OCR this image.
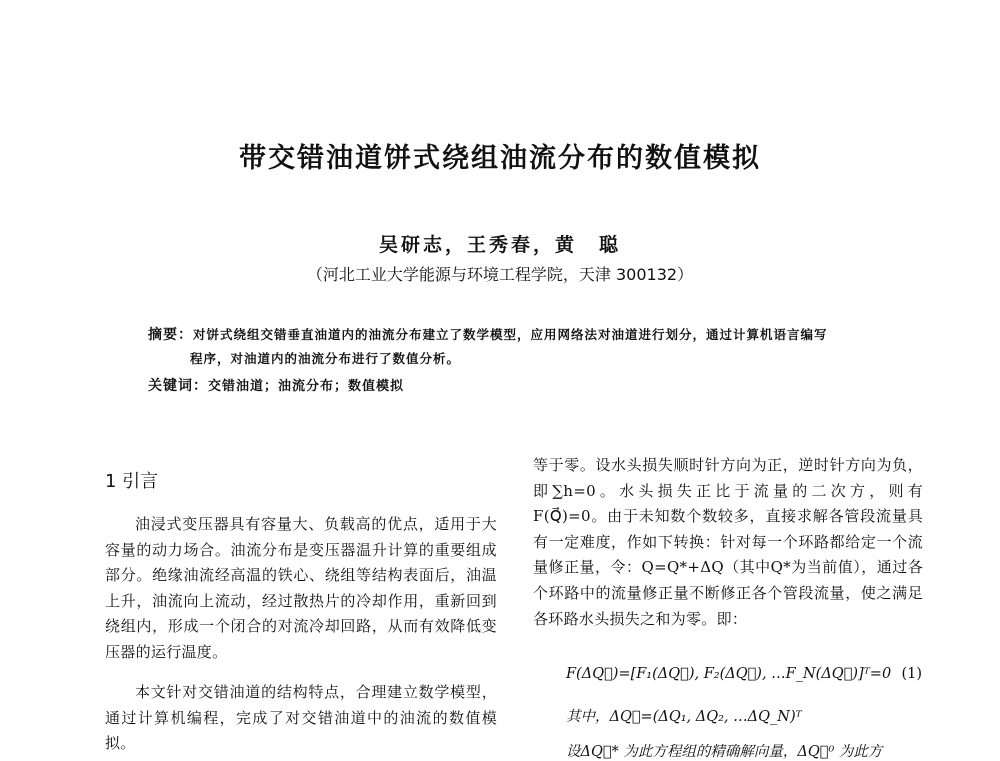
带交错油道饼式绕组油流分布的数值模拟
吴研志，王秀春，黄　聪
（河北工业大学能源与环境工程学院，天津 300132）
摘要：对饼式绕组交错垂直油道内的油流分布建立了数学模型，应用网络法对油道进行划分，通过计算机语言编写
程序，对油道内的油流分布进行了数值分析。
关键词：交错油道；油流分布；数值模拟
1 引言

油浸式变压器具有容量大、负载高的优点，适用于大容量的动力场合。油流分布是变压器温升计算的重要组成部分。绝缘油流经高温的铁心、绕组等结构表面后，油温上升，油流向上流动，经过散热片的冷却作用，重新回到绕组内，形成一个闭合的对流冷却回路，从而有效降低变压器的运行温度。

本文针对交错油道的结构特点，合理建立数学模型，通过计算机编程，完成了对交错油道中的油流的数值模拟。

等于零。设水头损失顺时针方向为正，逆时针方向为负，即∑h=0。水头损失正比于流量的二次方，则有F(Q⃗)=0。由于未知数个数较多，直接求解各管段流量具有一定难度，作如下转换：针对每一个环路都给定一个流量修正量，令：Q=Q*+ΔQ（其中Q*为当前值），通过各个环路中的流量修正量不断修正各个管段流量，使之满足各环路水头损失之和为零。即：

F(ΔQ⃗)=[F₁(ΔQ⃗), F₂(ΔQ⃗), …F_N(ΔQ⃗)]ᵀ=0 (1)
其中，ΔQ⃗=(ΔQ₁, ΔQ₂, …ΔQ_N)ᵀ
设ΔQ⃗* 为此方程组的精确解向量，ΔQ⃗⁰ 为此方
